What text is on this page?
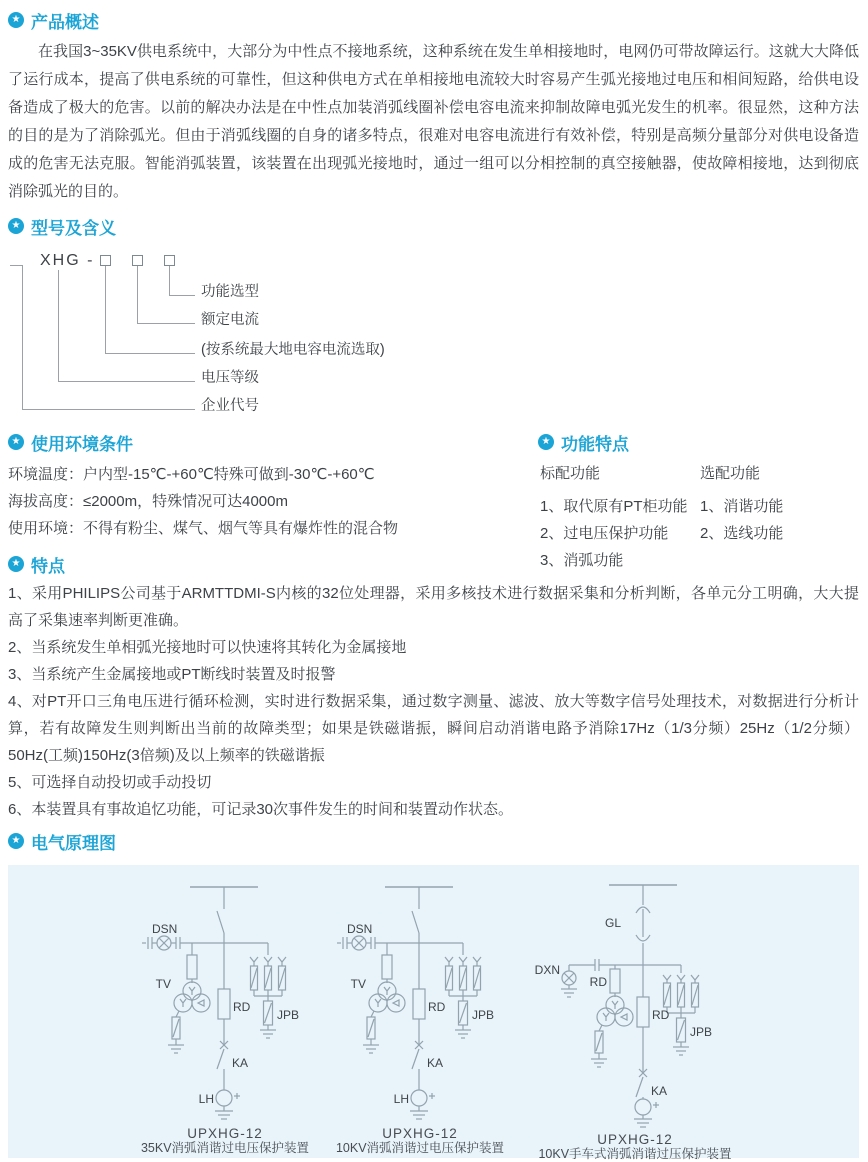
★ 产品概述

在我国3~35KV供电系统中，大部分为中性点不接地系统，这种系统在发生单相接地时，电网仍可带故障运行。这就大大降低了运行成本，提高了供电系统的可靠性，但这种供电方式在单相接地电流较大时容易产生弧光接地过电压和相间短路，给供电设备造成了极大的危害。以前的解决办法是在中性点加装消弧线圈补偿电容电流来抑制故障电弧光发生的机率。很显然，这种方法的目的是为了消除弧光。但由于消弧线圈的自身的诸多特点，很难对电容电流进行有效补偿，特别是高频分量部分对供电设备造成的危害无法克服。智能消弧装置，该装置在出现弧光接地时，通过一组可以分相控制的真空接触器，使故障相接地，达到彻底消除弧光的目的。

★ 型号及含义
XHG -
功能选型
额定电流
(按系统最大地电容电流选取)
电压等级
企业代号
★ 使用环境条件

环境温度：户内型-15℃-+60℃特殊可做到-30℃-+60℃

海拔高度：≤2000m，特殊情况可达4000m

使用环境：不得有粉尘、煤气、烟气等具有爆炸性的混合物

★ 功能特点

标配功能

1、取代原有PT柜功能

2、过电压保护功能

3、消弧功能

选配功能

1、消谐功能

2、选线功能

★ 特点

1、采用PHILIPS公司基于ARMTTDMI-S内核的32位处理器，采用多核技术进行数据采集和分析判断，各单元分工明确，大大提高了采集速率判断更准确。

2、当系统发生单相弧光接地时可以快速将其转化为金属接地

3、当系统产生金属接地或PT断线时装置及时报警

4、对PT开口三角电压进行循环检测，实时进行数据采集，通过数字测量、滤波、放大等数字信号处理技术，对数据进行分析计算，若有故障发生则判断出当前的故障类型；如果是铁磁谐振，瞬间启动消谐电路予消除17Hz（1/3分频）25Hz（1/2分频）50Hz(工频)150Hz(3倍频)及以上频率的铁磁谐振

5、可选择自动投切或手动投切

6、本装置具有事故追忆功能，可记录30次事件发生的时间和装置动作状态。

★ 电气原理图
DSN
TV
RD
JPB
KA
LH
UPXHG-12
35KV消弧消谐过电压保护装置
DSN
TV
RD
JPB
KA
LH
UPXHG-12
10KV消弧消谐过电压保护装置
GL
DXN
RD
RD
JPB
KA
UPXHG-12
10KV手车式消弧消谐过压保护装置
